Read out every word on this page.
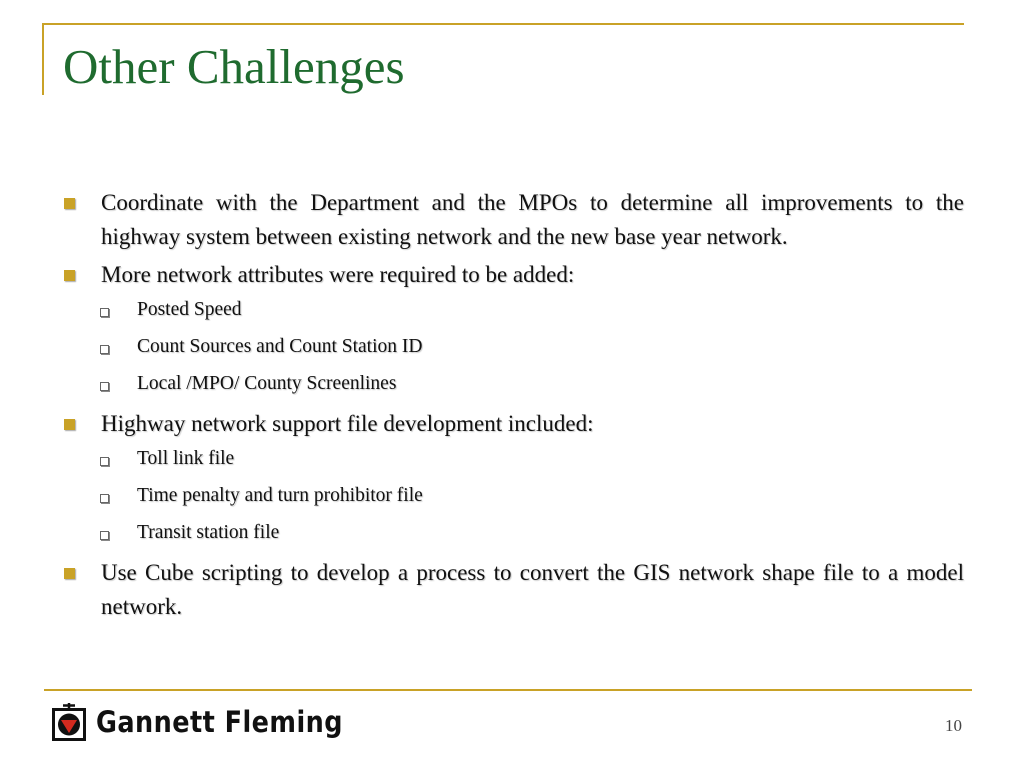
Other Challenges
Coordinate with the Department and the MPOs to determine all improvements to the highway system between existing network and the new base year network.
More network attributes were required to be added:
Posted Speed
Count Sources and Count Station ID
Local /MPO/ County Screenlines
Highway network support file development included:
Toll link file
Time penalty and turn prohibitor file
Transit station file
Use Cube scripting to develop a process to convert the GIS network shape file to a model network.
Gannett Fleming	10
